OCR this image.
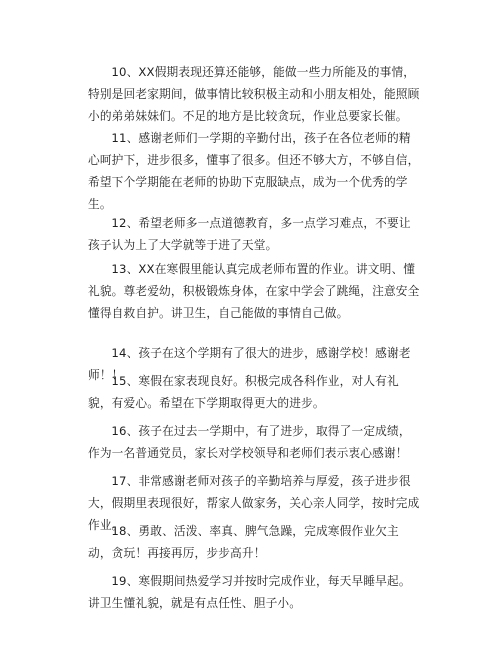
10、XX假期表现还算还能够，能做一些力所能及的事情，特别是回老家期间，做事情比较积极主动和小朋友相处，能照顾小的弟弟妹妹们。不足的地方是比较贪玩，作业总要家长催。

11、感谢老师们一学期的辛勤付出，孩子在各位老师的精心呵护下，进步很多，懂事了很多。但还不够大方，不够自信，希望下个学期能在老师的协助下克服缺点，成为一个优秀的学生。

12、希望老师多一点道德教育，多一点学习难点，不要让孩子认为上了大学就等于进了天堂。

13、XX在寒假里能认真完成老师布置的作业。讲文明、懂礼貌。尊老爱幼，积极锻炼身体，在家中学会了跳绳，注意安全懂得自救自护。讲卫生，自己能做的事情自己做。

14、孩子在这个学期有了很大的进步，感谢学校！感谢老师！！

15、寒假在家表现良好。积极完成各科作业，对人有礼貌，有爱心。希望在下学期取得更大的进步。

16、孩子在过去一学期中，有了进步，取得了一定成绩，作为一名普通党员，家长对学校领导和老师们表示衷心感谢！

17、非常感谢老师对孩子的辛勤培养与厚爱，孩子进步很大，假期里表现很好，帮家人做家务，关心亲人同学，按时完成作业。

18、勇敢、活泼、率真、脾气急躁，完成寒假作业欠主动，贪玩！再接再厉，步步高升！

19、寒假期间热爱学习并按时完成作业，每天早睡早起。讲卫生懂礼貌，就是有点任性、胆子小。
